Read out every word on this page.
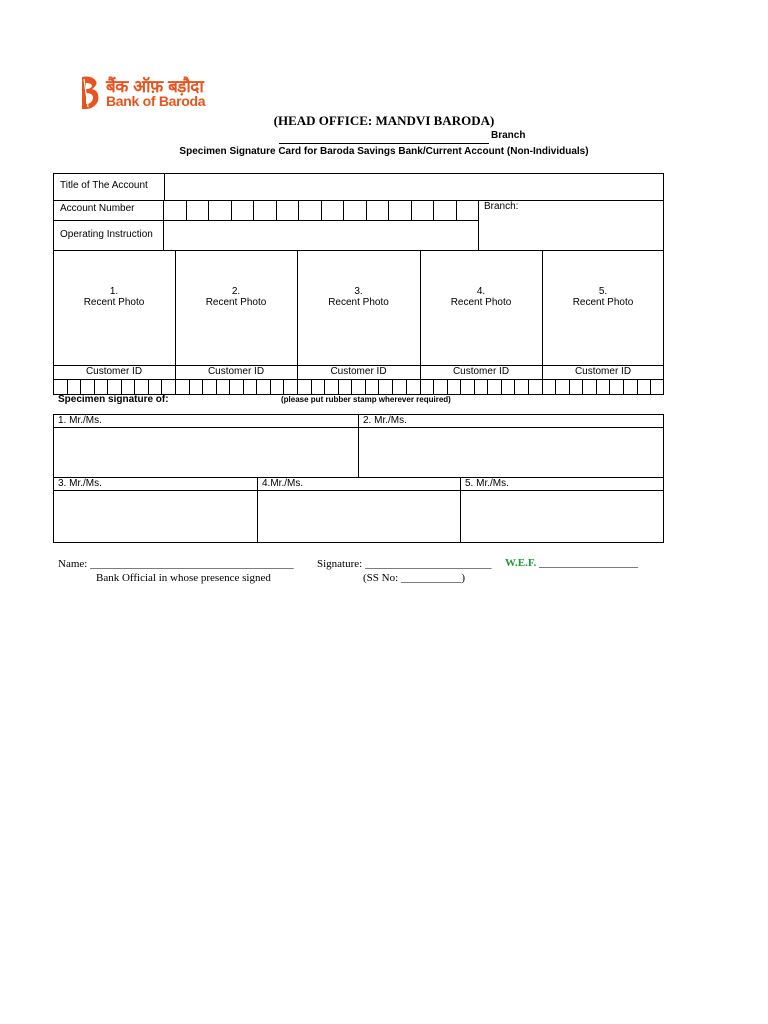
बैंक ऑफ़ बड़ौदा
Bank of Baroda
(HEAD OFFICE: MANDVI BARODA)
Branch
Specimen Signature Card for Baroda Savings Bank/Current Account (Non-Individuals)
Title of The Account
Account Number	Branch:
Operating Instruction
1.
Recent Photo
2.
Recent Photo
3.
Recent Photo
4.
Recent Photo
5.
Recent Photo
Customer ID	Customer ID	Customer ID	Customer ID	Customer ID
Specimen signature of:	(please put rubber stamp wherever required)
1. Mr./Ms.	2. Mr./Ms.
3. Mr./Ms.	4.Mr./Ms.	5. Mr./Ms.
Name: _____________________________________ Signature: _______________________ W.E.F. __________________
Bank Official in whose presence signed	(SS No: ___________)
